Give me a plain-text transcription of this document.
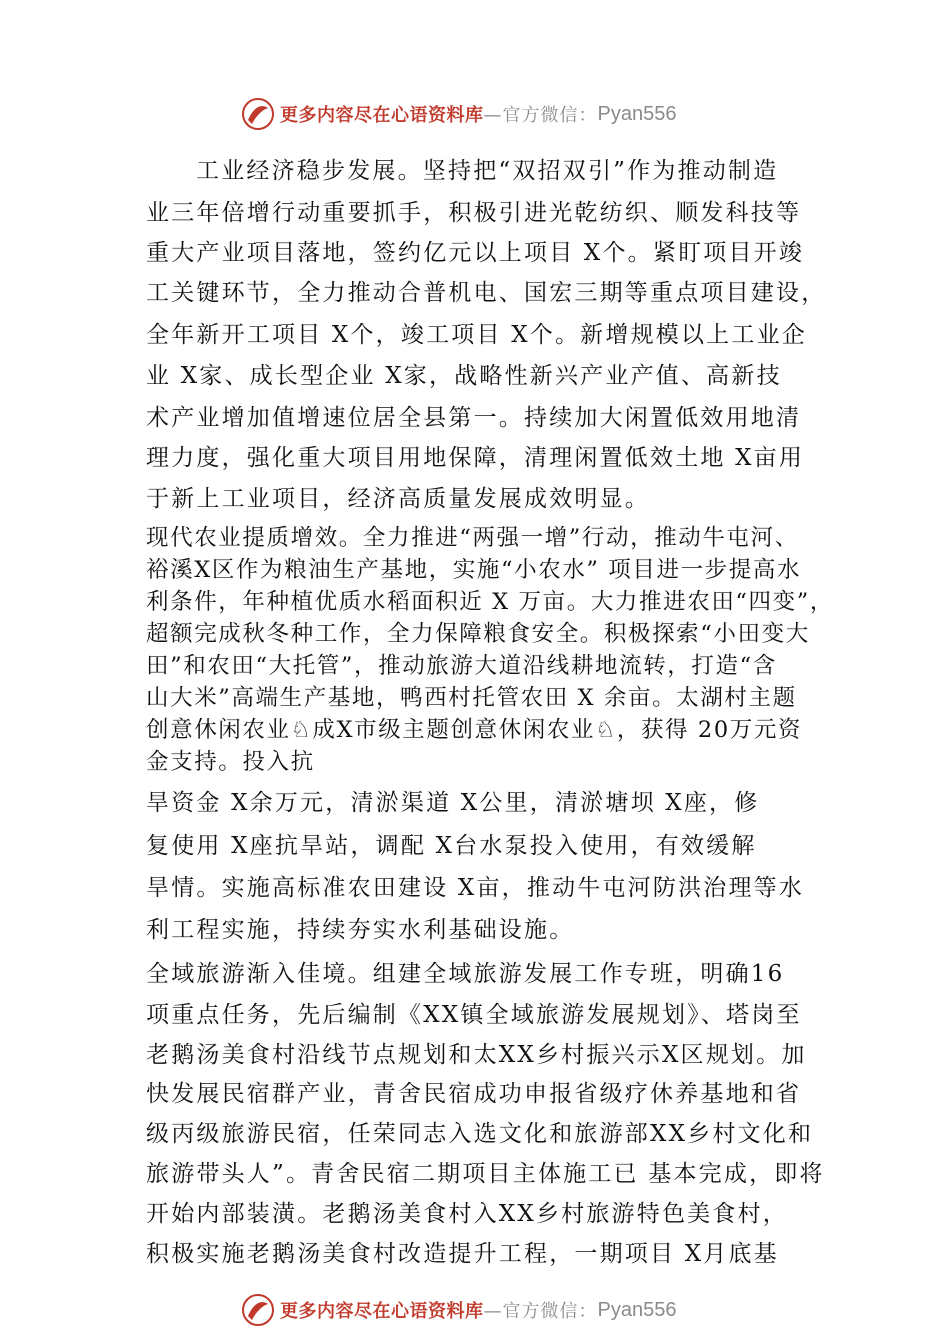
更多内容尽在心语资料库 —官方微信： Pyan556
工业经济稳步发展。坚持把“双招双引”作为推动制造
业三年倍增行动重要抓手，积极引进光乾纺织、顺发科技等
重大产业项目落地，签约亿元以上项目 X个。紧盯项目开竣
工关键环节，全力推动合普机电、国宏三期等重点项目建设，
全年新开工项目 X个，竣工项目 X个。新增规模以上工业企
业 X家、成长型企业 X家，战略性新兴产业产值、高新技
术产业增加值增速位居全县第一。持续加大闲置低效用地清
理力度，强化重大项目用地保障，清理闲置低效土地 X亩用
于新上工业项目，经济高质量发展成效明显。
现代农业提质增效。全力推进“两强一增”行动，推动牛屯河、
裕溪X区作为粮油生产基地，实施“小农水” 项目进一步提高水
利条件，年种植优质水稻面积近 X 万亩。大力推进农田“四变”，
超额完成秋冬种工作，全力保障粮食安全。积极探索“小田变大
田”和农田“大托管”，推动旅游大道沿线耕地流转，打造“含
山大米”高端生产基地，鸭西村托管农田 X 余亩。太湖村主题
创意休闲农业♘成X市级主题创意休闲农业♘，获得 20万元资
金支持。投入抗
旱资金 X余万元，清淤渠道 X公里，清淤塘坝 X座，修
复使用 X座抗旱站，调配 X台水泵投入使用，有效缓解
旱情。实施高标准农田建设 X亩，推动牛屯河防洪治理等水
利工程实施，持续夯实水利基础设施。
全域旅游渐入佳境。组建全域旅游发展工作专班，明确16
项重点任务，先后编制《XX镇全域旅游发展规划》、塔岗至
老鹅汤美食村沿线节点规划和太XX乡村振兴示X区规划。加
快发展民宿群产业，青舍民宿成功申报省级疗休养基地和省
级丙级旅游民宿，任荣同志入选文化和旅游部XX乡村文化和
旅游带头人”。青舍民宿二期项目主体施工已 基本完成，即将
开始内部装潢。老鹅汤美食村入XX乡村旅游特色美食村，
积极实施老鹅汤美食村改造提升工程，一期项目 X月底基
更多内容尽在心语资料库 —官方微信： Pyan556
